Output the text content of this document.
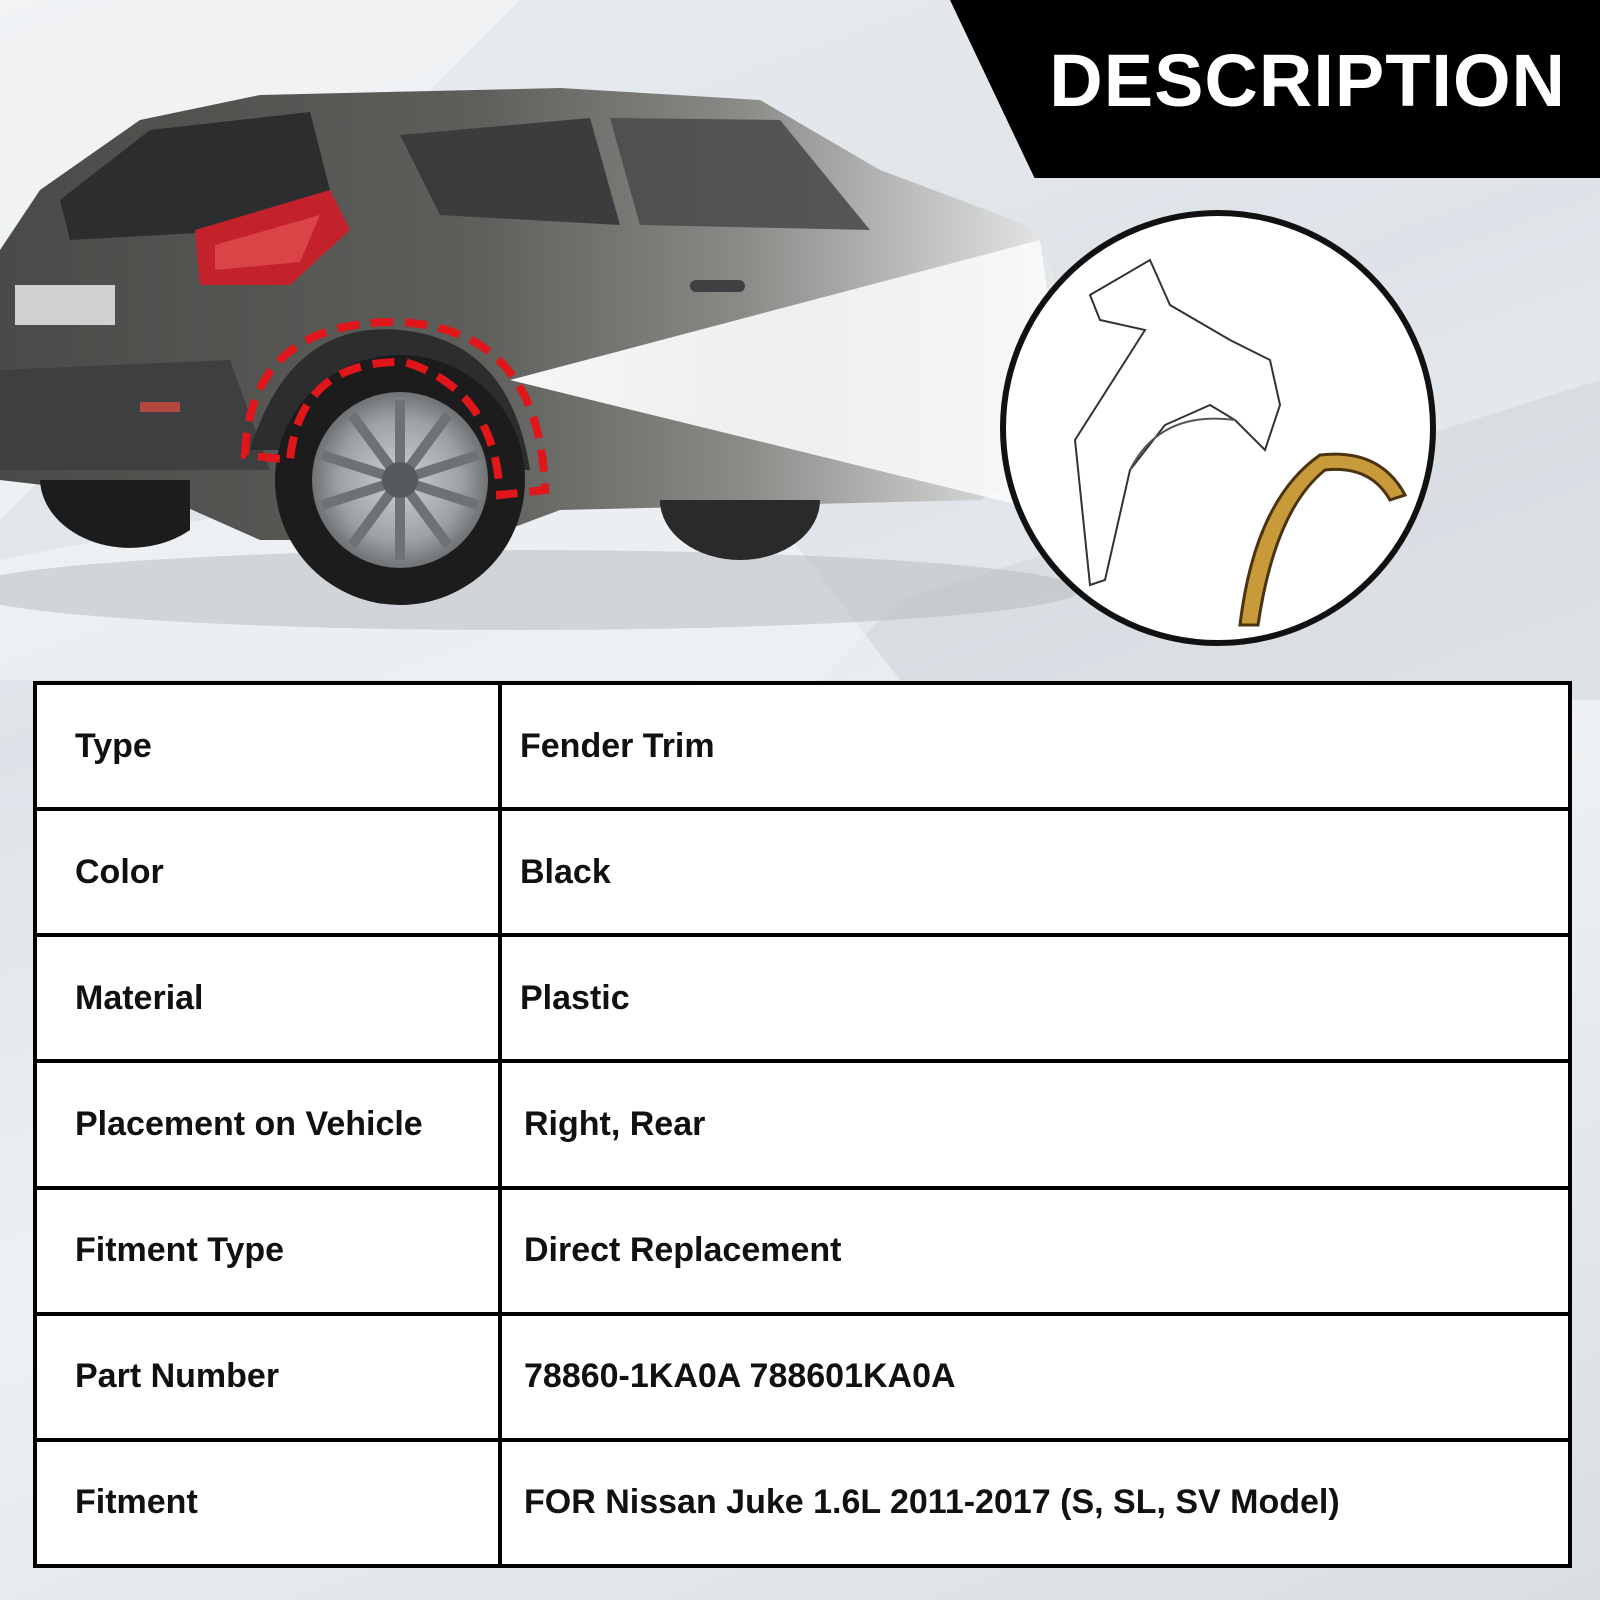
DESCRIPTION
Type	Fender Trim
Color	Black
Material	Plastic
Placement on Vehicle	Right, Rear
Fitment Type	Direct Replacement
Part Number	78860-1KA0A 788601KA0A
Fitment	FOR Nissan Juke 1.6L 2011-2017 (S, SL, SV Model)
